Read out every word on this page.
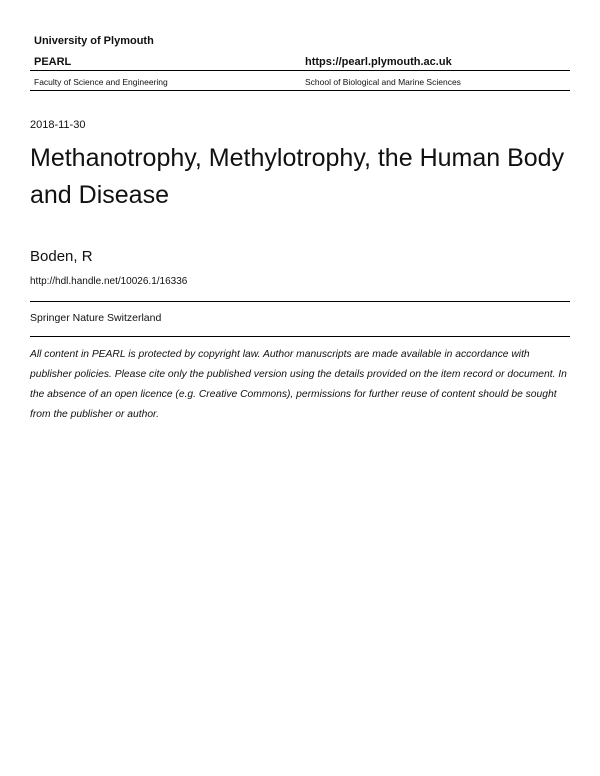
University of Plymouth
PEARL	https://pearl.plymouth.ac.uk
Faculty of Science and Engineering	School of Biological and Marine Sciences
2018-11-30
Methanotrophy, Methylotrophy, the Human Body and Disease
Boden, R
http://hdl.handle.net/10026.1/16336
Springer Nature Switzerland
All content in PEARL is protected by copyright law. Author manuscripts are made available in accordance with publisher policies. Please cite only the published version using the details provided on the item record or document. In the absence of an open licence (e.g. Creative Commons), permissions for further reuse of content should be sought from the publisher or author.
